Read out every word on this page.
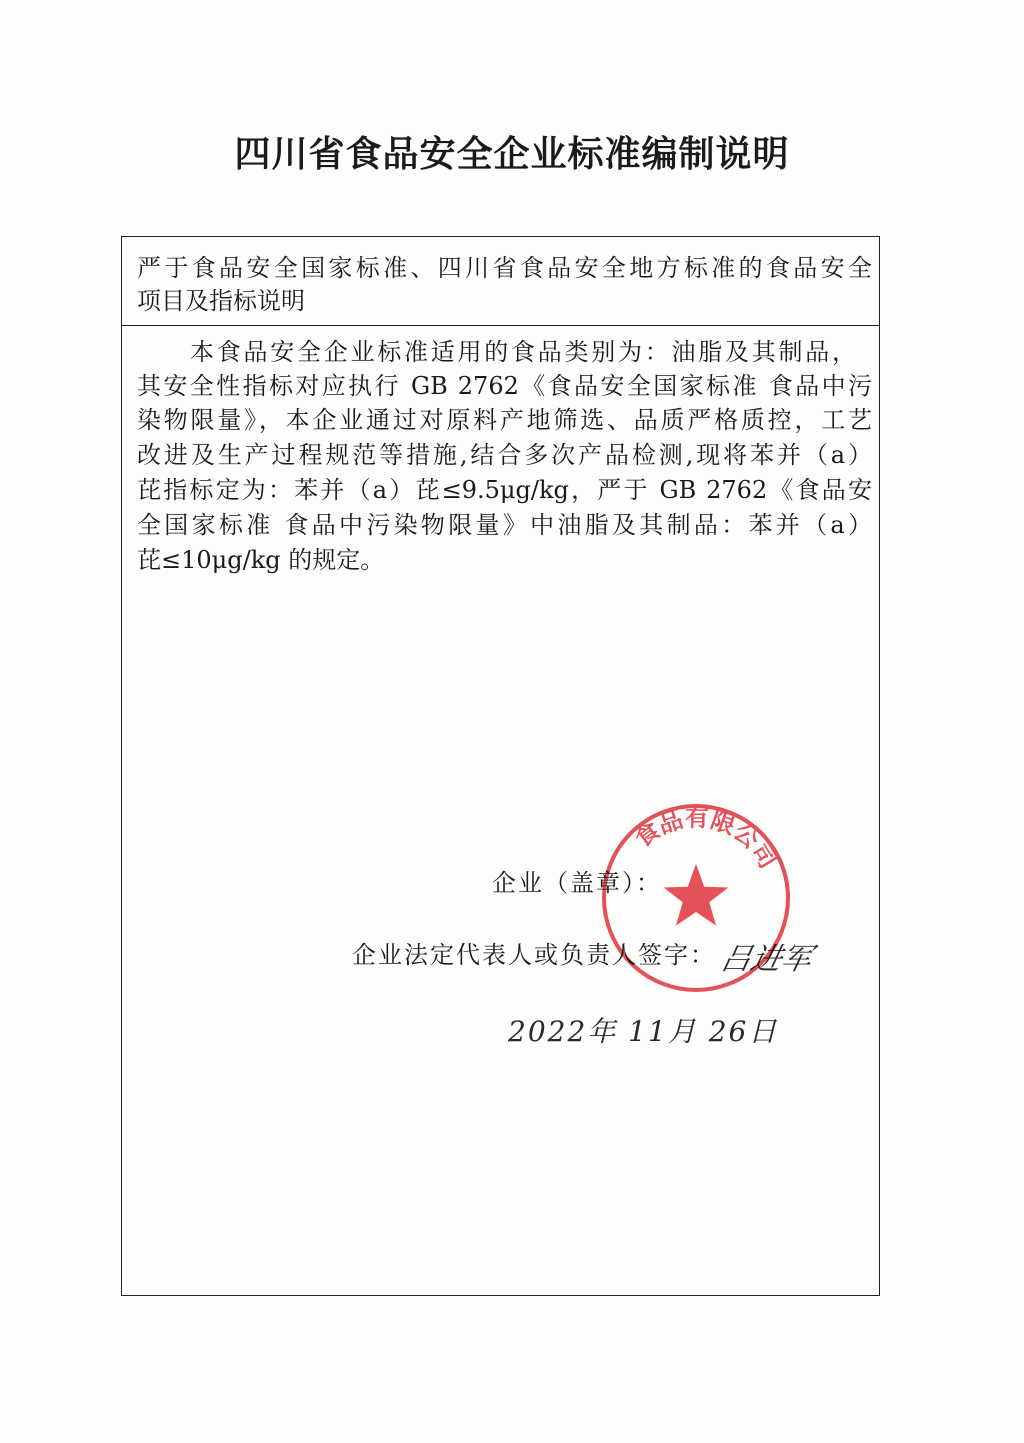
四川省食品安全企业标准编制说明
严于食品安全国家标准、四川省食品安全地方标准的食品安全
项目及指标说明
本食品安全企业标准适用的食品类别为：油脂及其制品，
其安全性指标对应执行 GB 2762《食品安全国家标准 食品中污
染物限量》，本企业通过对原料产地筛选、品质严格质控，工艺
改进及生产过程规范等措施,结合多次产品检测,现将苯并（a）
芘指标定为：苯并（a）芘≤9.5μg/kg，严于 GB 2762《食品安
全国家标准 食品中污染物限量》中油脂及其制品：苯并（a）
芘≤10μg/kg 的规定。
企业（盖章）：
企业法定代表人或负责人签字： 吕进军
2022年 11月 26日
食品有限公司
